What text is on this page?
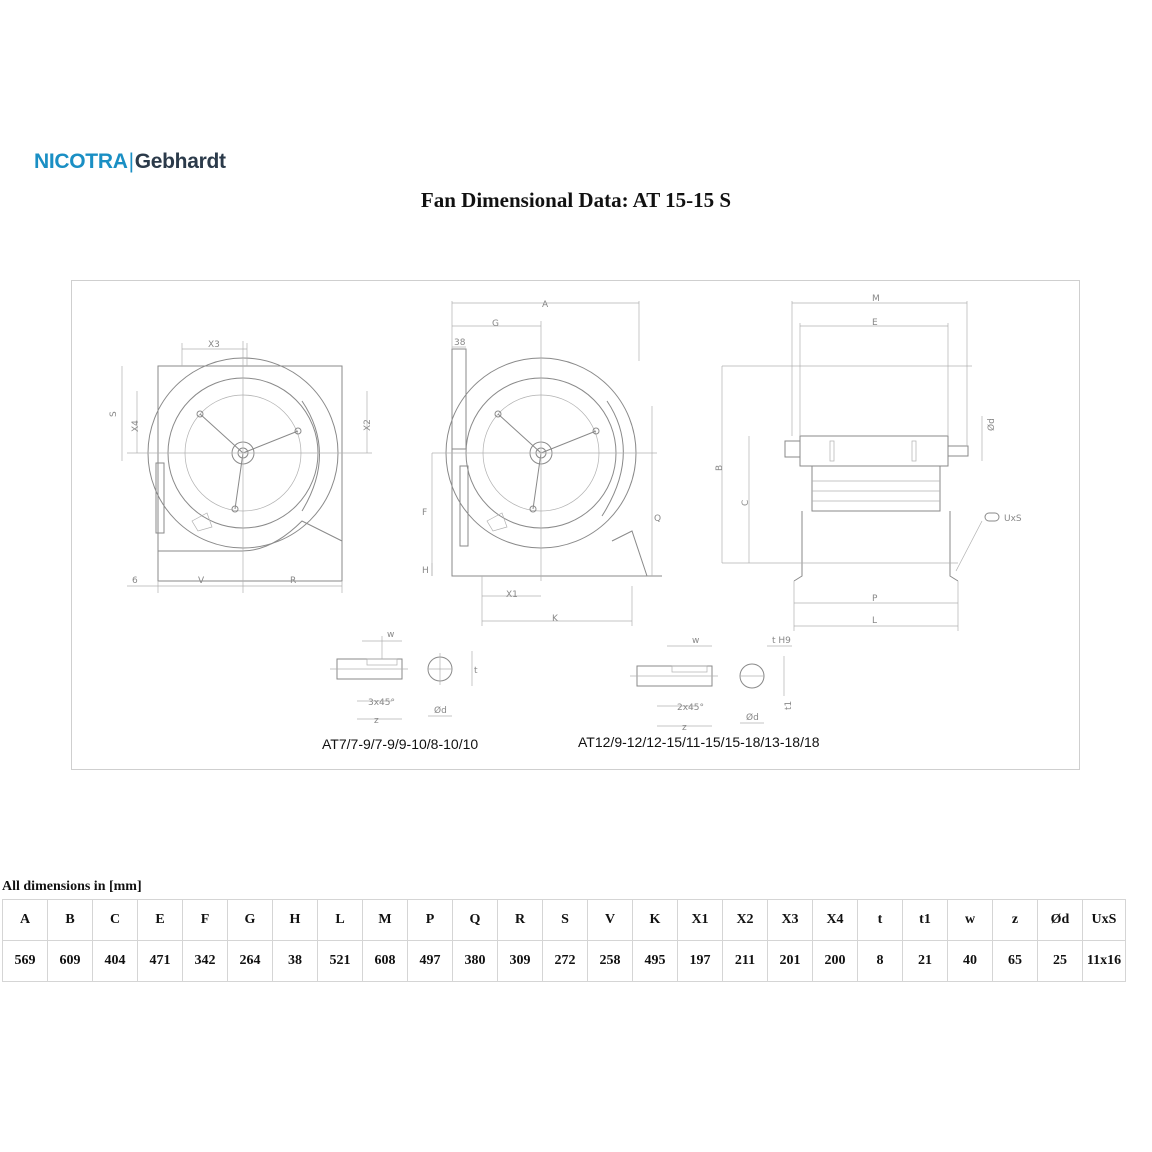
NICOTRA|Gebhardt
Fan Dimensional Data: AT 15-15 S
X3
S
X4	X2
6	V	R
A
G
38
F
H
Q
X1
K
M
E
B
C
Ød
P
L
UxS
w
3x45°
z
Ød
t
AT7/7-9/7-9/9-10/8-10/10
w	t H9
2x45°
z
Ød
t1
AT12/9-12/12-15/11-15/15-18/13-18/18
All dimensions in [mm]
A	B	C	E	F	G	H	L	M	P	Q	R	S	V	K	X1	X2	X3	X4	t	t1	w	z	Ød	UxS
569	609	404	471	342	264	38	521	608	497	380	309	272	258	495	197	211	201	200	8	21	40	65	25	11x16
